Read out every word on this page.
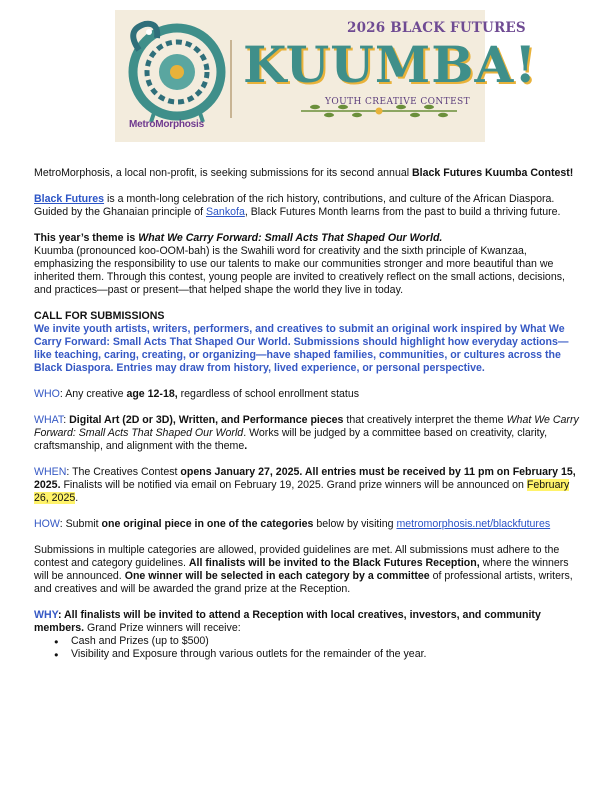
2026 BLACK FUTURES
KUUMBA!
YOUTH CREATIVE CONTEST
MetroMorphosis

MetroMorphosis, a local non-profit, is seeking submissions for its second annual Black Futures Kuumba Contest!

Black Futures is a month-long celebration of the rich history, contributions, and culture of the African Diaspora. Guided by the Ghanaian principle of Sankofa, Black Futures Month learns from the past to build a thriving future.

This year’s theme is What We Carry Forward: Small Acts That Shaped Our World.

Kuumba (pronounced koo-OOM-bah) is the Swahili word for creativity and the sixth principle of Kwanzaa, emphasizing the responsibility to use our talents to make our communities stronger and more beautiful than we inherited them. Through this contest, young people are invited to creatively reflect on the small actions, decisions, and practices—past or present—that helped shape the world they live in today.

CALL FOR SUBMISSIONS

We invite youth artists, writers, performers, and creatives to submit an original work inspired by What We Carry Forward: Small Acts That Shaped Our World. Submissions should highlight how everyday actions—like teaching, caring, creating, or organizing—have shaped families, communities, or cultures across the Black Diaspora. Entries may draw from history, lived experience, or personal perspective.

WHO: Any creative age 12-18, regardless of school enrollment status

WHAT: Digital Art (2D or 3D), Written, and Performance pieces that creatively interpret the theme What We Carry Forward: Small Acts That Shaped Our World. Works will be judged by a committee based on creativity, clarity, craftsmanship, and alignment with the theme.

WHEN: The Creatives Contest opens January 27, 2025. All entries must be received by 11 pm on February 15, 2025. Finalists will be notified via email on February 19, 2025. Grand prize winners will be announced on February 26, 2025.

HOW: Submit one original piece in one of the categories below by visiting metromorphosis.net/blackfutures

Submissions in multiple categories are allowed, provided guidelines are met. All submissions must adhere to the contest and category guidelines. All finalists will be invited to the Black Futures Reception, where the winners will be announced. One winner will be selected in each category by a committee of professional artists, writers, and creatives and will be awarded the grand prize at the Reception.

WHY: All finalists will be invited to attend a Reception with local creatives, investors, and community members. Grand Prize winners will receive:

● Cash and Prizes (up to $500)
● Visibility and Exposure through various outlets for the remainder of the year.
